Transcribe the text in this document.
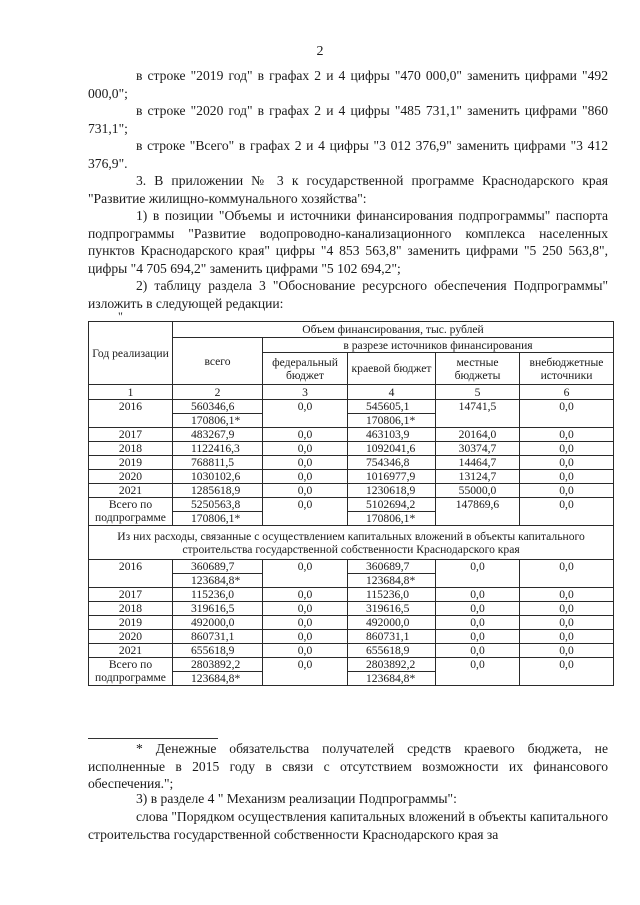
2

в строке "2019 год" в графах 2 и 4 цифры "470 000,0" заменить цифрами "492 000,0";

в строке "2020 год" в графах 2 и 4 цифры "485 731,1" заменить цифрами "860 731,1";

в строке "Всего" в графах 2 и 4 цифры "3 012 376,9" заменить цифрами "3 412 376,9".

3. В приложении № 3 к государственной программе Краснодарского края "Развитие жилищно-коммунального хозяйства":

1) в позиции "Объемы и источники финансирования подпрограммы" паспорта подпрограммы "Развитие водопроводно-канализационного комплекса населенных пунктов Краснодарского края" цифры "4 853 563,8" заменить цифрами "5 250 563,8", цифры "4 705 694,2" заменить цифрами "5 102 694,2";

2) таблицу раздела 3 "Обоснование ресурсного обеспечения Подпрограммы" изложить в следующей редакции:

"
Год реализации	Объем финансирования, тыс. рублей				
	всего	в разрезе источников финансирования			
		федеральный бюджет	краевой бюджет	местные бюджеты	внебюджетные источники
1	2	3	4	5	6
2016	560346,6	0,0	545605,1	14741,5	0,0
	170806,1*		170806,1*		
2017	483267,9	0,0	463103,9	20164,0	0,0
2018	1122416,3	0,0	1092041,6	30374,7	0,0
2019	768811,5	0,0	754346,8	14464,7	0,0
2020	1030102,6	0,0	1016977,9	13124,7	0,0
2021	1285618,9	0,0	1230618,9	55000,0	0,0
Всего по подпрограмме	5250563,8	0,0	5102694,2	147869,6	0,0
	170806,1*		170806,1*		
Из них расходы, связанные с осуществлением капитальных вложений в объекты капитального строительства государственной собственности Краснодарского края					
2016	360689,7	0,0	360689,7	0,0	0,0
	123684,8*		123684,8*		
2017	115236,0	0,0	115236,0	0,0	0,0
2018	319616,5	0,0	319616,5	0,0	0,0
2019	492000,0	0,0	492000,0	0,0	0,0
2020	860731,1	0,0	860731,1	0,0	0,0
2021	655618,9	0,0	655618,9	0,0	0,0
Всего по подпрограмме	2803892,2	0,0	2803892,2	0,0	0,0
	123684,8*		123684,8*		

* Денежные обязательства получателей средств краевого бюджета, не исполненные в 2015 году в связи с отсутствием возможности их финансового обеспечения.";

3) в разделе 4 " Механизм реализации Подпрограммы":

слова "Порядком осуществления капитальных вложений в объекты капитального строительства государственной собственности Краснодарского края за
